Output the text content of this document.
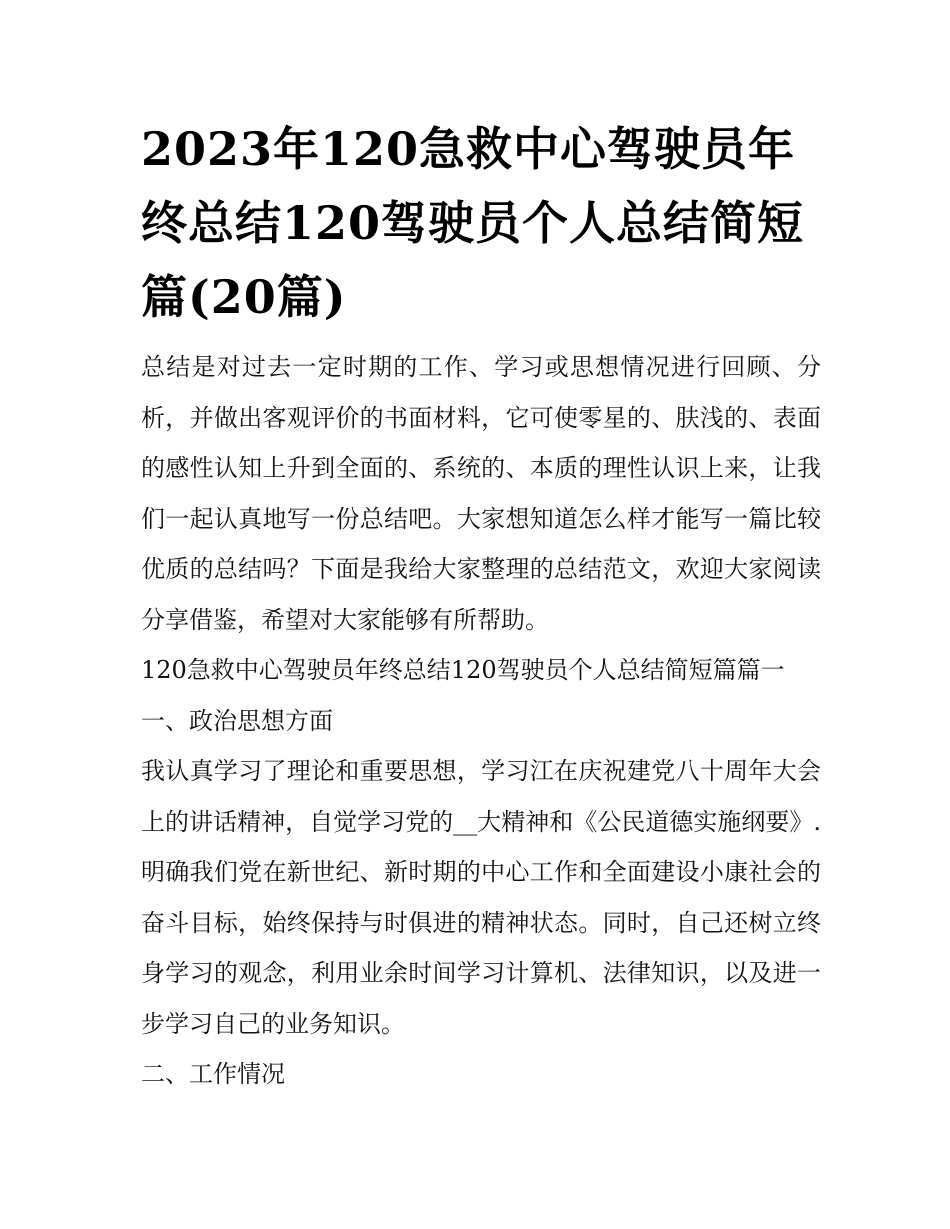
2023年120急救中心驾驶员年终总结120驾驶员个人总结简短篇(20篇)

总结是对过去一定时期的工作、学习或思想情况进行回顾、分析，并做出客观评价的书面材料，它可使零星的、肤浅的、表面的感性认知上升到全面的、系统的、本质的理性认识上来，让我们一起认真地写一份总结吧。大家想知道怎么样才能写一篇比较优质的总结吗？下面是我给大家整理的总结范文，欢迎大家阅读分享借鉴，希望对大家能够有所帮助。

120急救中心驾驶员年终总结120驾驶员个人总结简短篇篇一

一、政治思想方面

我认真学习了理论和重要思想，学习江在庆祝建党八十周年大会上的讲话精神，自觉学习党的__大精神和《公民道德实施纲要》.明确我们党在新世纪、新时期的中心工作和全面建设小康社会的奋斗目标，始终保持与时俱进的精神状态。同时，自己还树立终身学习的观念，利用业余时间学习计算机、法律知识，以及进一步学习自己的业务知识。

二、工作情况
